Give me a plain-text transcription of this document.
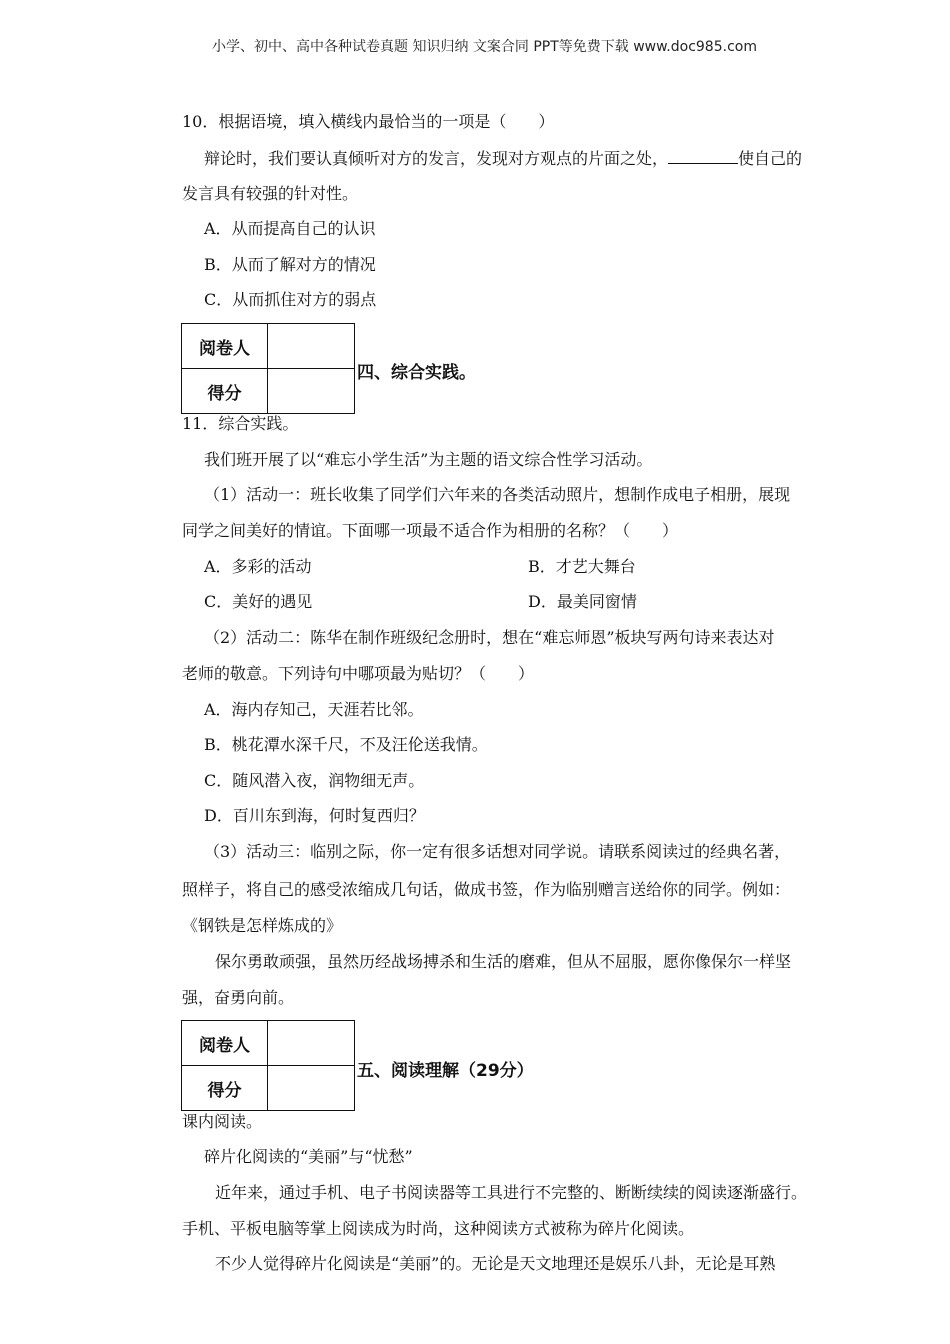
小学、初中、高中各种试卷真题 知识归纳 文案合同 PPT等免费下载 www.doc985.com
10．根据语境，填入横线内最恰当的一项是（　　）
辩论时，我们要认真倾听对方的发言，发现对方观点的片面之处，	使自己的
发言具有较强的针对性。
A．从而提高自己的认识
B．从而了解对方的情况
C．从而抓住对方的弱点
阅卷人	
得分	
四、综合实践。
11．综合实践。
我们班开展了以“难忘小学生活”为主题的语文综合性学习活动。
（1）活动一：班长收集了同学们六年来的各类活动照片，想制作成电子相册，展现
同学之间美好的情谊。下面哪一项最不适合作为相册的名称？（　　）
A．多彩的活动	B．才艺大舞台
C．美好的遇见	D．最美同窗情
（2）活动二：陈华在制作班级纪念册时，想在“难忘师恩”板块写两句诗来表达对
老师的敬意。下列诗句中哪项最为贴切？（　　）
A．海内存知己，天涯若比邻。
B．桃花潭水深千尺，不及汪伦送我情。
C．随风潜入夜，润物细无声。
D．百川东到海，何时复西归？
（3）活动三：临别之际，你一定有很多话想对同学说。请联系阅读过的经典名著，
照样子，将自己的感受浓缩成几句话，做成书签，作为临别赠言送给你的同学。例如：
《钢铁是怎样炼成的》
保尔勇敢顽强，虽然历经战场搏杀和生活的磨难，但从不屈服，愿你像保尔一样坚
强，奋勇向前。
阅卷人	
得分	
五、阅读理解（29分）
课内阅读。
碎片化阅读的“美丽”与“忧愁”
近年来，通过手机、电子书阅读器等工具进行不完整的、断断续续的阅读逐渐盛行。
手机、平板电脑等掌上阅读成为时尚，这种阅读方式被称为碎片化阅读。
不少人觉得碎片化阅读是“美丽”的。无论是天文地理还是娱乐八卦，无论是耳熟
